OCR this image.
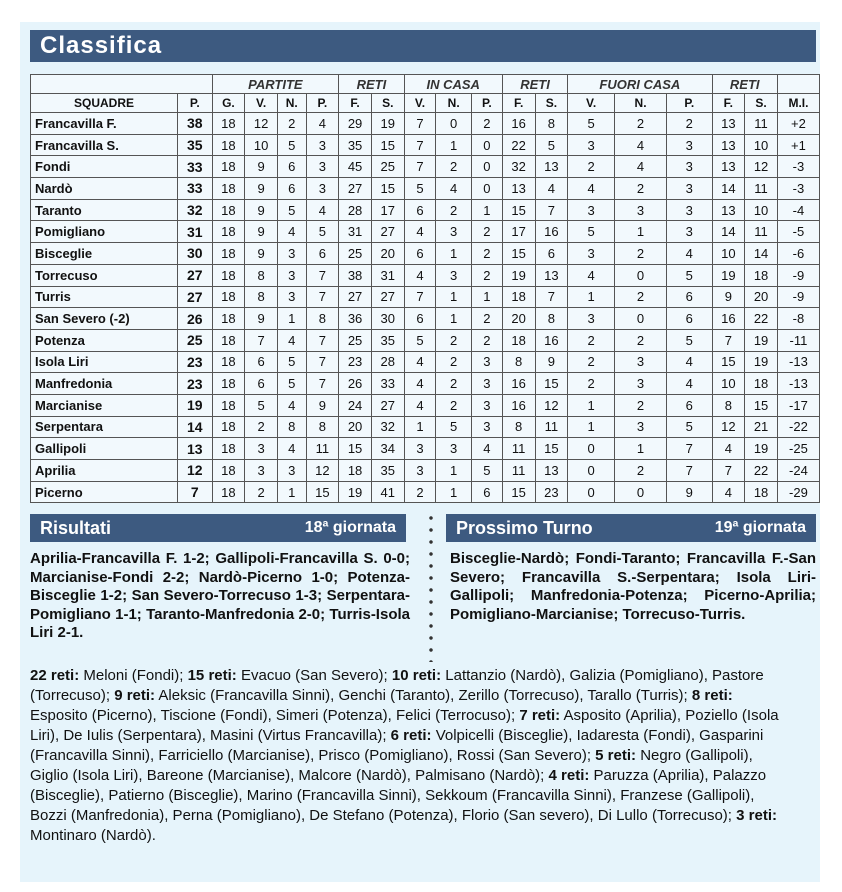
Classifica
		PARTITE				RETI		IN CASA			RETI		FUORI CASA			RETI		
SQUADRE	P.	G.	V.	N.	P.	F.	S.	V.	N.	P.	F.	S.	V.	N.	P.	F.	S.	M.I.
Francavilla F.	38	18	12	2	4	29	19	7	0	2	16	8	5	2	2	13	11	+2
Francavilla S.	35	18	10	5	3	35	15	7	1	0	22	5	3	4	3	13	10	+1
Fondi	33	18	9	6	3	45	25	7	2	0	32	13	2	4	3	13	12	-3
Nardò	33	18	9	6	3	27	15	5	4	0	13	4	4	2	3	14	11	-3
Taranto	32	18	9	5	4	28	17	6	2	1	15	7	3	3	3	13	10	-4
Pomigliano	31	18	9	4	5	31	27	4	3	2	17	16	5	1	3	14	11	-5
Bisceglie	30	18	9	3	6	25	20	6	1	2	15	6	3	2	4	10	14	-6
Torrecuso	27	18	8	3	7	38	31	4	3	2	19	13	4	0	5	19	18	-9
Turris	27	18	8	3	7	27	27	7	1	1	18	7	1	2	6	9	20	-9
San Severo (-2)	26	18	9	1	8	36	30	6	1	2	20	8	3	0	6	16	22	-8
Potenza	25	18	7	4	7	25	35	5	2	2	18	16	2	2	5	7	19	-11
Isola Liri	23	18	6	5	7	23	28	4	2	3	8	9	2	3	4	15	19	-13
Manfredonia	23	18	6	5	7	26	33	4	2	3	16	15	2	3	4	10	18	-13
Marcianise	19	18	5	4	9	24	27	4	2	3	16	12	1	2	6	8	15	-17
Serpentara	14	18	2	8	8	20	32	1	5	3	8	11	1	3	5	12	21	-22
Gallipoli	13	18	3	4	11	15	34	3	3	4	11	15	0	1	7	4	19	-25
Aprilia	12	18	3	3	12	18	35	3	1	5	11	13	0	2	7	7	22	-24
Picerno	7	18	2	1	15	19	41	2	1	6	15	23	0	0	9	4	18	-29
Risultati	18ª giornata	Prossimo Turno	19ª giornata
Aprilia-Francavilla F. 1-2; Gallipoli-Francavilla S. 0-0; Marcianise-Fondi 2-2; Nardò-Picerno 1-0; Potenza-Bisceglie 1-2; San Severo-Torrecuso 1-3; Serpentara-Pomigliano 1-1; Taranto-Manfredonia 2-0; Turris-Isola Liri 2-1.
Bisceglie-Nardò; Fondi-Taranto; Francavilla F.-San Severo; Francavilla S.-Serpentara; Isola Liri-Gallipoli; Manfredonia-Potenza; Picerno-Aprilia; Pomigliano-Marcianise; Torrecuso-Turris.
22 reti: Meloni (Fondi); 15 reti: Evacuo (San Severo); 10 reti: Lattanzio (Nardò), Galizia (Pomigliano), Pastore (Torrecuso); 9 reti: Aleksic (Francavilla Sinni), Genchi (Taranto), Zerillo (Torrecuso), Tarallo (Turris); 8 reti: Esposito (Picerno), Tiscione (Fondi), Simeri (Potenza), Felici (Terrocuso); 7 reti: Asposito (Aprilia), Poziello (Isola Liri), De Iulis (Serpentara), Masini (Virtus Francavilla); 6 reti: Volpicelli (Bisceglie), Iadaresta (Fondi), Gasparini (Francavilla Sinni), Farriciello (Marcianise), Prisco (Pomigliano), Rossi (San Severo); 5 reti: Negro (Gallipoli), Giglio (Isola Liri), Bareone (Marcianise), Malcore (Nardò), Palmisano (Nardò); 4 reti: Paruzza (Aprilia), Palazzo (Bisceglie), Patierno (Bisceglie), Marino (Francavilla Sinni), Sekkoum (Francavilla Sinni), Franzese (Gallipoli), Bozzi (Manfredonia), Perna (Pomigliano), De Stefano (Potenza), Florio (San severo), Di Lullo (Torrecuso); 3 reti: Montinaro (Nardò).
